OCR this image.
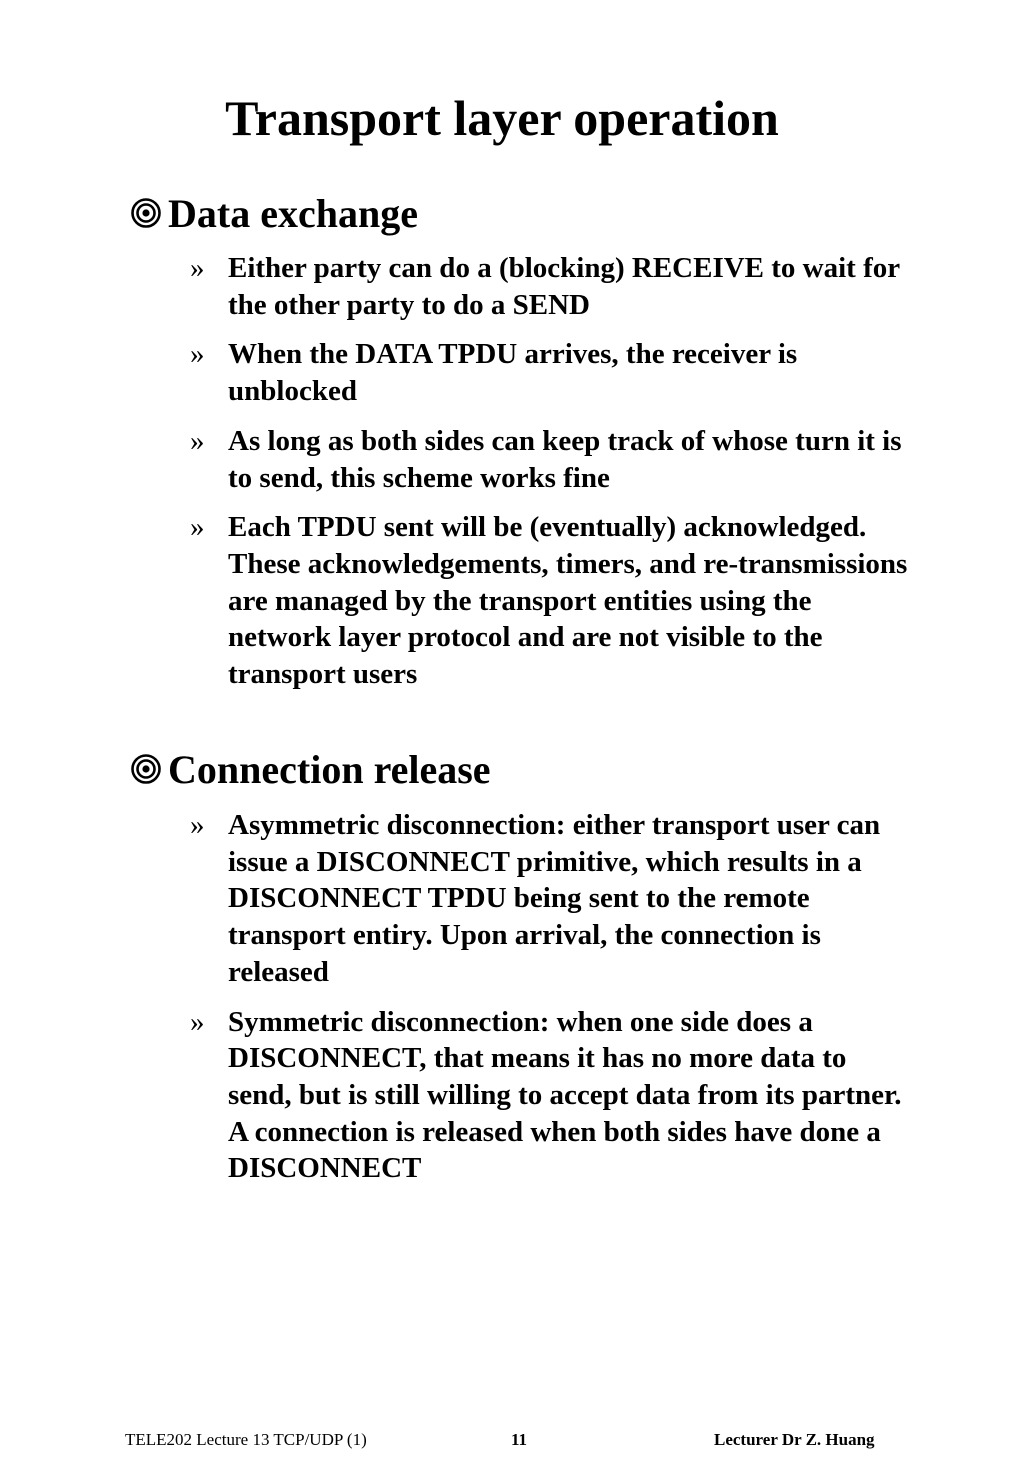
Transport layer operation
Data exchange
» Either party can do a (blocking) RECEIVE to wait for the other party to do a SEND
» When the DATA TPDU arrives, the receiver is unblocked
» As long as both sides can keep track of whose turn it is to send, this scheme works fine
» Each TPDU sent will be (eventually) acknowledged. These acknowledgements, timers, and re-transmissions are managed by the transport entities using the network layer protocol and are not visible to the transport users
Connection release
» Asymmetric disconnection: either transport user can issue a DISCONNECT primitive, which results in a DISCONNECT TPDU being sent to the remote transport entiry. Upon arrival, the connection is released
» Symmetric disconnection: when one side does a DISCONNECT, that means it has no more data to send, but is still willing to accept data from its partner. A connection is released when both sides have done a DISCONNECT
TELE202 Lecture 13 TCP/UDP (1)	11	Lecturer Dr Z. Huang
